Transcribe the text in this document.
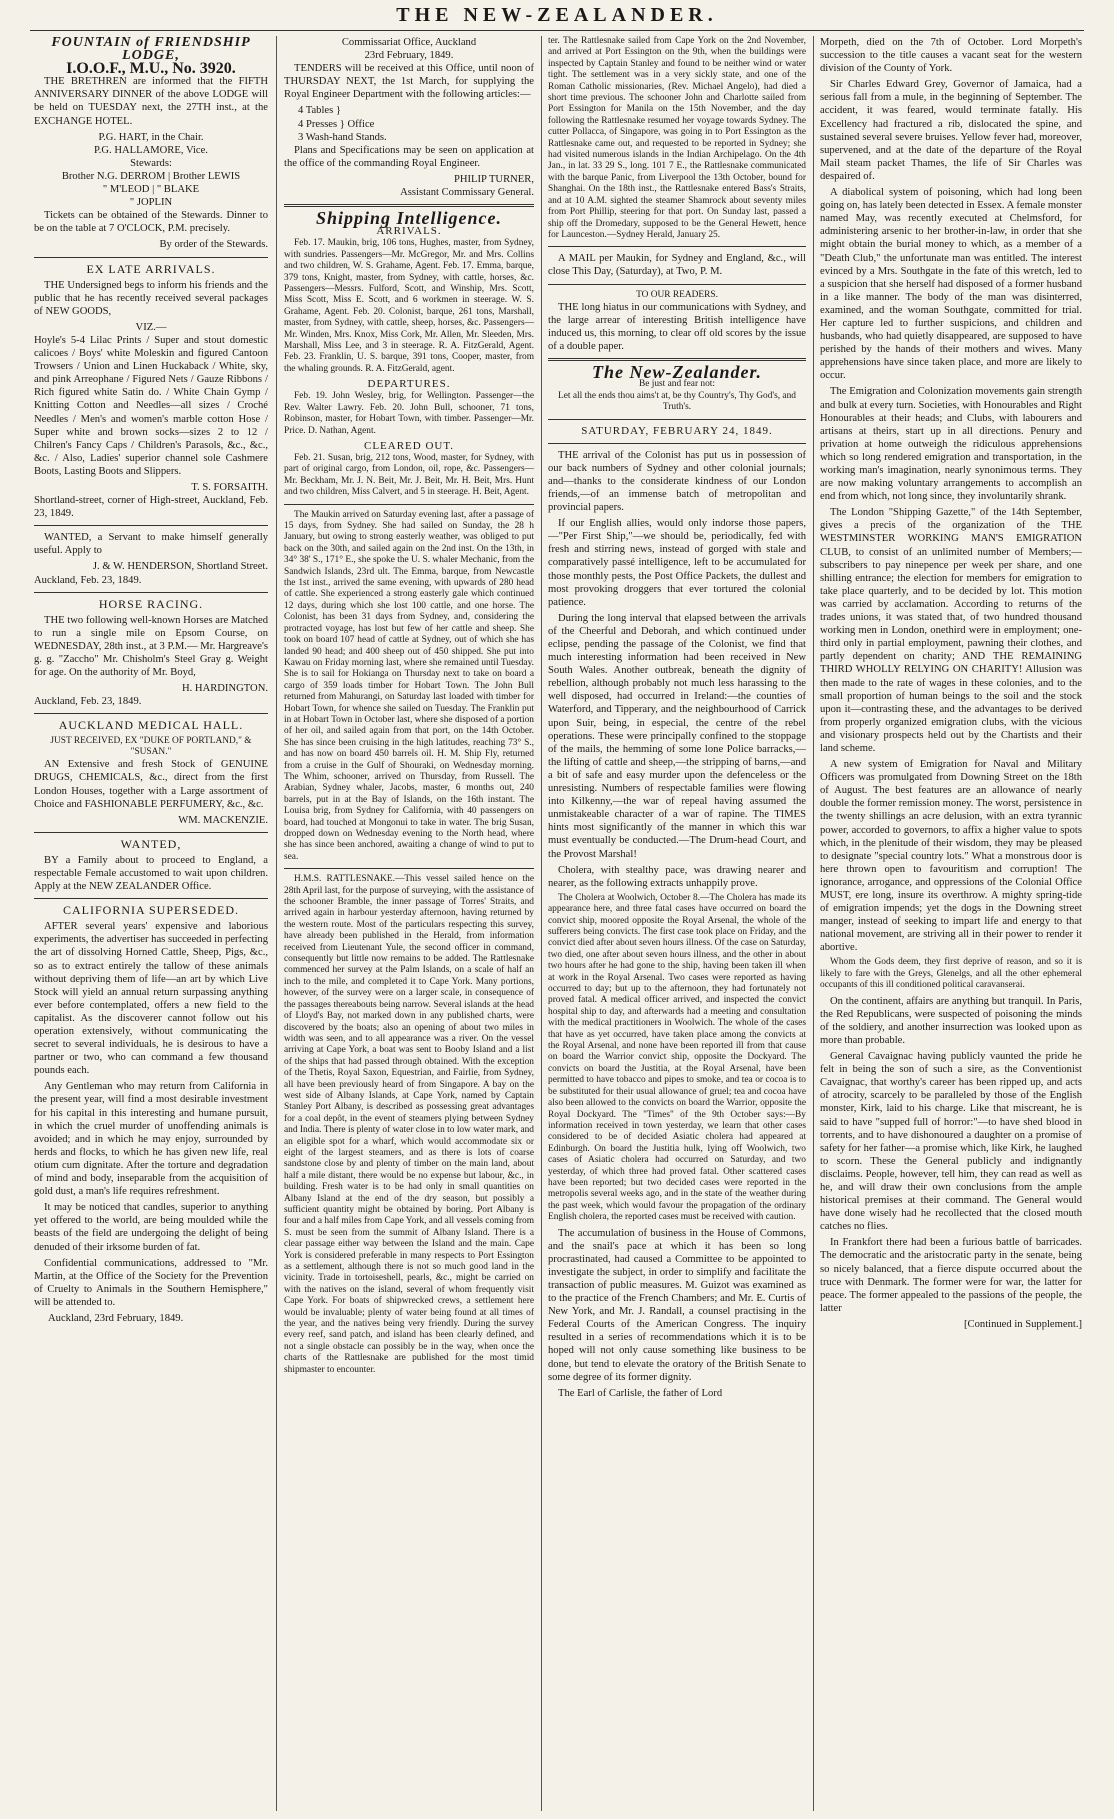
THE NEW-ZEALANDER.
FOUNTAIN of FRIENDSHIP
LODGE,
I.O.O.F., M.U., No. 3920.

THE BRETHREN are informed that the FIFTH ANNIVERSARY DINNER of the above LODGE will be held on TUESDAY next, the 27TH inst., at the EXCHANGE HOTEL.

P.G. HART, in the Chair.
P.G. HALLAMORE, Vice.
Stewards:
Brother N.G. DERROM | Brother LEWIS
" M'LEOD | " BLAKE
" JOPLIN

Tickets can be obtained of the Stewards. Dinner to be on the table at 7 O'CLOCK, P.M. precisely.

By order of the Stewards.
EX LATE ARRIVALS.

THE Undersigned begs to inform his friends and the public that he has recently received several packages of NEW GOODS,

VIZ.—

Hoyle's 5-4 Lilac Prints / Super and stout domestic calicoes / Boys' white Moleskin and figured Cantoon Trowsers / Union and Linen Huckaback / White, sky, and pink Arreophane / Figured Nets / Gauze Ribbons / Rich figured white Satin do. / White Chain Gymp / Knitting Cotton and Needles—all sizes / Croché Needles / Men's and women's marble cotton Hose / Super white and brown socks—sizes 2 to 12 / Chilren's Fancy Caps / Children's Parasols, &c., &c., &c. / Also, Ladies' superior channel sole Cashmere Boots, Lasting Boots and Slippers.

T. S. FORSAITH.
Shortland-street, corner of High-street, Auckland, Feb. 23, 1849.

WANTED, a Servant to make himself generally useful. Apply to

J. & W. HENDERSON, Shortland Street.
Auckland, Feb. 23, 1849.
HORSE RACING.

THE two following well-known Horses are Matched to run a single mile on Epsom Course, on WEDNESDAY, 28th inst., at 3 P.M.— Mr. Hargreave's g. g. "Zaccho" Mr. Chisholm's Steel Gray g. Weight for age. On the authority of Mr. Boyd,

H. HARDINGTON.
Auckland, Feb. 23, 1849.
AUCKLAND MEDICAL HALL.
JUST RECEIVED, EX "DUKE OF PORTLAND," & "SUSAN."

AN Extensive and fresh Stock of GENUINE DRUGS, CHEMICALS, &c., direct from the first London Houses, together with a Large assortment of Choice and FASHIONABLE PERFUMERY, &c., &c.

WM. MACKENZIE.
WANTED,

BY a Family about to proceed to England, a respectable Female accustomed to wait upon children. Apply at the NEW ZEALANDER Office.

CALIFORNIA SUPERSEDED.

AFTER several years' expensive and laborious experiments, the advertiser has succeeded in perfecting the art of dissolving Horned Cattle, Sheep, Pigs, &c., so as to extract entirely the tallow of these animals without depriving them of life—an art by which Live Stock will yield an annual return surpassing anything ever before contemplated, offers a new field to the capitalist. As the discoverer cannot follow out his operation extensively, without communicating the secret to several individuals, he is desirous to have a partner or two, who can command a few thousand pounds each.

Any Gentleman who may return from California in the present year, will find a most desirable investment for his capital in this interesting and humane pursuit, in which the cruel murder of unoffending animals is avoided; and in which he may enjoy, surrounded by herds and flocks, to which he has given new life, real otium cum dignitate. After the torture and degradation of mind and body, inseparable from the acquisition of gold dust, a man's life requires refreshment.

It may be noticed that candles, superior to anything yet offered to the world, are being moulded while the beasts of the field are undergoing the delight of being denuded of their irksome burden of fat.

Confidential communications, addressed to "Mr. Martin, at the Office of the Society for the Prevention of Cruelty to Animals in the Southern Hemisphere," will be attended to.

Auckland, 23rd February, 1849.
Commissariat Office, Auckland
23rd February, 1849.

TENDERS will be received at this Office, until noon of THURSDAY NEXT, the 1st March, for supplying the Royal Engineer Department with the following articles:—

4 Tables }
4 Presses } Office
3 Wash-hand Stands.

Plans and Specifications may be seen on application at the office of the commanding Royal Engineer.

PHILIP TURNER,
Assistant Commissary General.
Shipping Intelligence.
ARRIVALS.

Feb. 17. Maukin, brig, 106 tons, Hughes, master, from Sydney, with sundries. Passengers—Mr. McGregor, Mr. and Mrs. Collins and two children, W. S. Grahame, Agent. Feb. 17. Emma, barque, 379 tons, Knight, master, from Sydney, with cattle, horses, &c. Passengers—Messrs. Fulford, Scott, and Winship, Mrs. Scott, Miss Scott, Miss E. Scott, and 6 workmen in steerage. W. S. Grahame, Agent. Feb. 20. Colonist, barque, 261 tons, Marshall, master, from Sydney, with cattle, sheep, horses, &c. Passengers—Mr. Winden, Mrs. Knox, Miss Cork, Mr. Allen, Mr. Sleeden, Mrs. Marshall, Miss Lee, and 3 in steerage. R. A. FitzGerald, Agent. Feb. 23. Franklin, U. S. barque, 391 tons, Cooper, master, from the whaling grounds. R. A. FitzGerald, agent.

DEPARTURES.

Feb. 19. John Wesley, brig, for Wellington. Passenger—the Rev. Walter Lawry. Feb. 20. John Bull, schooner, 71 tons, Robinson, master, for Hobart Town, with timber. Passenger—Mr. Price. D. Nathan, Agent.

CLEARED OUT.

Feb. 21. Susan, brig, 212 tons, Wood, master, for Sydney, with part of original cargo, from London, oil, rope, &c. Passengers—Mr. Beckham, Mr. J. N. Beit, Mr. J. Beit, Mr. H. Beit, Mrs. Hunt and two children, Miss Calvert, and 5 in steerage. H. Beit, Agent.

The Maukin arrived on Saturday evening last, after a passage of 15 days, from Sydney. She had sailed on Sunday, the 28 h January, but owing to strong easterly weather, was obliged to put back on the 30th, and sailed again on the 2nd inst. On the 13th, in 34° 38' S., 171° E., she spoke the U. S. whaler Mechanic, from the Sandwich Islands, 23rd ult. The Emma, barque, from Newcastle the 1st inst., arrived the same evening, with upwards of 280 head of cattle. She experienced a strong easterly gale which continued 12 days, during which she lost 100 cattle, and one horse. The Colonist, has been 31 days from Sydney, and, considering the protracted voyage, has lost but few of her cattle and sheep. She took on board 107 head of cattle at Sydney, out of which she has landed 90 head; and 400 sheep out of 450 shipped. She put into Kawau on Friday morning last, where she remained until Tuesday. She is to sail for Hokianga on Thursday next to take on board a cargo of 359 loads timber for Hobart Town. The John Bull returned from Mahurangi, on Saturday last loaded with timber for Hobart Town, for whence she sailed on Tuesday. The Franklin put in at Hobart Town in October last, where she disposed of a portion of her oil, and sailed again from that port, on the 14th October. She has since been cruising in the high latitudes, reaching 73° S., and has now on board 450 barrels oil. H. M. Ship Fly, returned from a cruise in the Gulf of Shouraki, on Wednesday morning. The Whim, schooner, arrived on Thursday, from Russell. The Arabian, Sydney whaler, Jacobs, master, 6 months out, 240 barrels, put in at the Bay of Islands, on the 16th instant. The Louisa brig, from Sydney for California, with 40 passengers on board, had touched at Mongonui to take in water. The brig Susan, dropped down on Wednesday evening to the North head, where she has since been anchored, awaiting a change of wind to put to sea.

H.M.S. RATTLESNAKE.—This vessel sailed hence on the 28th April last, for the purpose of surveying, with the assistance of the schooner Bramble, the inner passage of Torres' Straits, and arrived again in harbour yesterday afternoon, having returned by the western route. Most of the particulars respecting this survey, have already been published in the Herald, from information received from Lieutenant Yule, the second officer in command, consequently but little now remains to be added. The Rattlesnake commenced her survey at the Palm Islands, on a scale of half an inch to the mile, and completed it to Cape York. Many portions, however, of the survey were on a larger scale, in consequence of the passages thereabouts being narrow. Several islands at the head of Lloyd's Bay, not marked down in any published charts, were discovered by the boats; also an opening of about two miles in width was seen, and to all appearance was a river. On the vessel arriving at Cape York, a boat was sent to Booby Island and a list of the ships that had passed through obtained. With the exception of the Thetis, Royal Saxon, Equestrian, and Fairlie, from Sydney, all have been previously heard of from Singapore. A bay on the west side of Albany Islands, at Cape York, named by Captain Stanley Port Albany, is described as possessing great advantages for a coal depôt, in the event of steamers plying between Sydney and India. There is plenty of water close in to low water mark, and an eligible spot for a wharf, which would accommodate six or eight of the largest steamers, and as there is lots of coarse sandstone close by and plenty of timber on the main land, about half a mile distant, there would be no expense but labour, &c., in building. Fresh water is to be had only in small quantities on Albany Island at the end of the dry season, but possibly a sufficient quantity might be obtained by boring. Port Albany is four and a half miles from Cape York, and all vessels coming from S. must be seen from the summit of Albany Island. There is a clear passage either way between the Island and the main. Cape York is considered preferable in many respects to Port Essington as a settlement, although there is not so much good land in the vicinity. Trade in tortoiseshell, pearls, &c., might be carried on with the natives on the island, several of whom frequently visit Cape York. For boats of shipwrecked crews, a settlement here would be invaluable; plenty of water being found at all times of the year, and the natives being very friendly. During the survey every reef, sand patch, and island has been clearly defined, and not a single obstacle can possibly be in the way, when once the charts of the Rattlesnake are published for the most timid shipmaster to encounter.

ter. The Rattlesnake sailed from Cape York on the 2nd November, and arrived at Port Essington on the 9th, when the buildings were inspected by Captain Stanley and found to be neither wind or water tight. The settlement was in a very sickly state, and one of the Roman Catholic missionaries, (Rev. Michael Angelo), had died a short time previous. The schooner John and Charlotte sailed from Port Essington for Manila on the 15th November, and the day following the Rattlesnake resumed her voyage towards Sydney. The cutter Pollacca, of Singapore, was going in to Port Essington as the Rattlesnake came out, and requested to be reported in Sydney; she had visited numerous islands in the Indian Archipelago. On the 4th Jan., in lat. 33 29 S., long. 101 7 E., the Rattlesnake communicated with the barque Panic, from Liverpool the 13th October, bound for Shanghai. On the 18th inst., the Rattlesnake entered Bass's Straits, and at 10 A.M. sighted the steamer Shamrock about seventy miles from Port Phillip, steering for that port. On Sunday last, passed a ship off the Dromedary, supposed to be the General Hewett, hence for Launceston.—Sydney Herald, January 25.

A MAIL per Maukin, for Sydney and England, &c., will close This Day, (Saturday), at Two, P. M.

TO OUR READERS.

THE long hiatus in our communications with Sydney, and the large arrear of interesting British intelligence have induced us, this morning, to clear off old scores by the issue of a double paper.

The New-Zealander.
Be just and fear not:
Let all the ends thou aims't at, be thy Country's, Thy God's, and Truth's.
SATURDAY, FEBRUARY 24, 1849.

THE arrival of the Colonist has put us in possession of our back numbers of Sydney and other colonial journals; and—thanks to the considerate kindness of our London friends,—of an immense batch of metropolitan and provincial papers.

If our English allies, would only indorse those papers,—"Per First Ship,"—we should be, periodically, fed with fresh and stirring news, instead of gorged with stale and comparatively passé intelligence, left to be accumulated for those monthly pests, the Post Office Packets, the dullest and most provoking droggers that ever tortured the colonial patience.

During the long interval that elapsed between the arrivals of the Cheerful and Deborah, and which continued under eclipse, pending the passage of the Colonist, we find that much interesting information had been received in New South Wales. Another outbreak, beneath the dignity of rebellion, although probably not much less harassing to the well disposed, had occurred in Ireland:—the counties of Waterford, and Tipperary, and the neighbourhood of Carrick upon Suir, being, in especial, the centre of the rebel operations. These were principally confined to the stoppage of the mails, the hemming of some lone Police barracks,—the lifting of cattle and sheep,—the stripping of barns,—and a bit of safe and easy murder upon the defenceless or the unresisting. Numbers of respectable families were flowing into Kilkenny,—the war of repeal having assumed the unmistakeable character of a war of rapine. The TIMES hints most significantly of the manner in which this war must eventually be conducted.—The Drum-head Court, and the Provost Marshal!

Cholera, with stealthy pace, was drawing nearer and nearer, as the following extracts unhappily prove.

The Cholera at Woolwich, October 8.—The Cholera has made its appearance here, and three fatal cases have occurred on board the convict ship, moored opposite the Royal Arsenal, the whole of the sufferers being convicts. The first case took place on Friday, and the convict died after about seven hours illness. Of the case on Saturday, two died, one after about seven hours illness, and the other in about two hours after he had gone to the ship, having been taken ill when at work in the Royal Arsenal. Two cases were reported as having occurred to day; but up to the afternoon, they had fortunately not proved fatal. A medical officer arrived, and inspected the convict hospital ship to day, and afterwards had a meeting and consultation with the medical practitioners in Woolwich. The whole of the cases that have as yet occurred, have taken place among the convicts at the Royal Arsenal, and none have been reported ill from that cause on board the Warrior convict ship, opposite the Dockyard. The convicts on board the Justitia, at the Royal Arsenal, have been permitted to have tobacco and pipes to smoke, and tea or cocoa is to be substituted for their usual allowance of gruel; tea and cocoa have also been allowed to the convicts on board the Warrior, opposite the Royal Dockyard. The "Times" of the 9th October says:—By information received in town yesterday, we learn that other cases considered to be of decided Asiatic cholera had appeared at Edinburgh. On board the Justitia hulk, lying off Woolwich, two cases of Asiatic cholera had occurred on Saturday, and two yesterday, of which three had proved fatal. Other scattered cases have been reported; but two decided cases were reported in the metropolis several weeks ago, and in the state of the weather during the past week, which would favour the propagation of the ordinary English cholera, the reported cases must be received with caution.

The accumulation of business in the House of Commons, and the snail's pace at which it has been so long procrastinated, had caused a Committee to be appointed to investigate the subject, in order to simplify and facilitate the transaction of public measures. M. Guizot was examined as to the practice of the French Chambers; and Mr. E. Curtis of New York, and Mr. J. Randall, a counsel practising in the Federal Courts of the American Congress. The inquiry resulted in a series of recommendations which it is to be hoped will not only cause something like business to be done, but tend to elevate the oratory of the British Senate to some degree of its former dignity.

The Earl of Carlisle, the father of Lord

Morpeth, died on the 7th of October. Lord Morpeth's succession to the title causes a vacant seat for the western division of the County of York.

Sir Charles Edward Grey, Governor of Jamaica, had a serious fall from a mule, in the beginning of September. The accident, it was feared, would terminate fatally. His Excellency had fractured a rib, dislocated the spine, and sustained several severe bruises. Yellow fever had, moreover, supervened, and at the date of the departure of the Royal Mail steam packet Thames, the life of Sir Charles was despaired of.

A diabolical system of poisoning, which had long been going on, has lately been detected in Essex. A female monster named May, was recently executed at Chelmsford, for administering arsenic to her brother-in-law, in order that she might obtain the burial money to which, as a member of a "Death Club," the unfortunate man was entitled. The interest evinced by a Mrs. Southgate in the fate of this wretch, led to a suspicion that she herself had disposed of a former husband in a like manner. The body of the man was disinterred, examined, and the woman Southgate, committed for trial. Her capture led to further suspicions, and children and husbands, who had quietly disappeared, are supposed to have perished by the hands of their mothers and wives. Many apprehensions have since taken place, and more are likely to occur.

The Emigration and Colonization movements gain strength and bulk at every turn. Societies, with Honourables and Right Honourables at their heads; and Clubs, with labourers and artisans at theirs, start up in all directions. Penury and privation at home outweigh the ridiculous apprehensions which so long rendered emigration and transportation, in the working man's imagination, nearly synonimous terms. They are now making voluntary arrangements to accomplish an end from which, not long since, they involuntarily shrank.

The London "Shipping Gazette," of the 14th September, gives a precis of the organization of the THE WESTMINSTER WORKING MAN'S EMIGRATION CLUB, to consist of an unlimited number of Members;—subscribers to pay ninepence per week per share, and one shilling entrance; the election for members for emigration to take place quarterly, and to be decided by lot. This motion was carried by acclamation. According to returns of the trades unions, it was stated that, of two hundred thousand working men in London, onethird were in employment; one-third only in partial employment, pawning their clothes, and partly dependent on charity; AND THE REMAINING THIRD WHOLLY RELYING ON CHARITY! Allusion was then made to the rate of wages in these colonies, and to the small proportion of human beings to the soil and the stock upon it—contrasting these, and the advantages to be derived from properly organized emigration clubs, with the vicious and visionary prospects held out by the Chartists and their land scheme.

A new system of Emigration for Naval and Military Officers was promulgated from Downing Street on the 18th of August. The best features are an allowance of nearly double the former remission money. The worst, persistence in the twenty shillings an acre delusion, with an extra tyrannic power, accorded to governors, to affix a higher value to spots which, in the plenitude of their wisdom, they may be pleased to designate "special country lots." What a monstrous door is here thrown open to favouritism and corruption! The ignorance, arrogance, and oppressions of the Colonial Office MUST, ere long, insure its overthrow. A mighty spring-tide of emigration impends; yet the dogs in the Downing street manger, instead of seeking to impart life and energy to that national movement, are striving all in their power to render it abortive.

Whom the Gods deem, they first deprive of reason, and so it is likely to fare with the Greys, Glenelgs, and all the other ephemeral occupants of this ill conditioned political caravanserai.

On the continent, affairs are anything but tranquil. In Paris, the Red Republicans, were suspected of poisoning the minds of the soldiery, and another insurrection was looked upon as more than probable.

General Cavaignac having publicly vaunted the pride he felt in being the son of such a sire, as the Conventionist Cavaignac, that worthy's career has been ripped up, and acts of atrocity, scarcely to be paralleled by those of the English monster, Kirk, laid to his charge. Like that miscreant, he is said to have "supped full of horror:"—to have shed blood in torrents, and to have dishonoured a daughter on a promise of safety for her father—a promise which, like Kirk, he laughed to scorn. These the General publicly and indignantly disclaims. People, however, tell him, they can read as well as he, and will draw their own conclusions from the ample historical premises at their command. The General would have done wisely had he recollected that the closed mouth catches no flies.

In Frankfort there had been a furious battle of barricades. The democratic and the aristocratic party in the senate, being so nicely balanced, that a fierce dispute occurred about the truce with Denmark. The former were for war, the latter for peace. The former appealed to the passions of the people, the latter

[Continued in Supplement.]
